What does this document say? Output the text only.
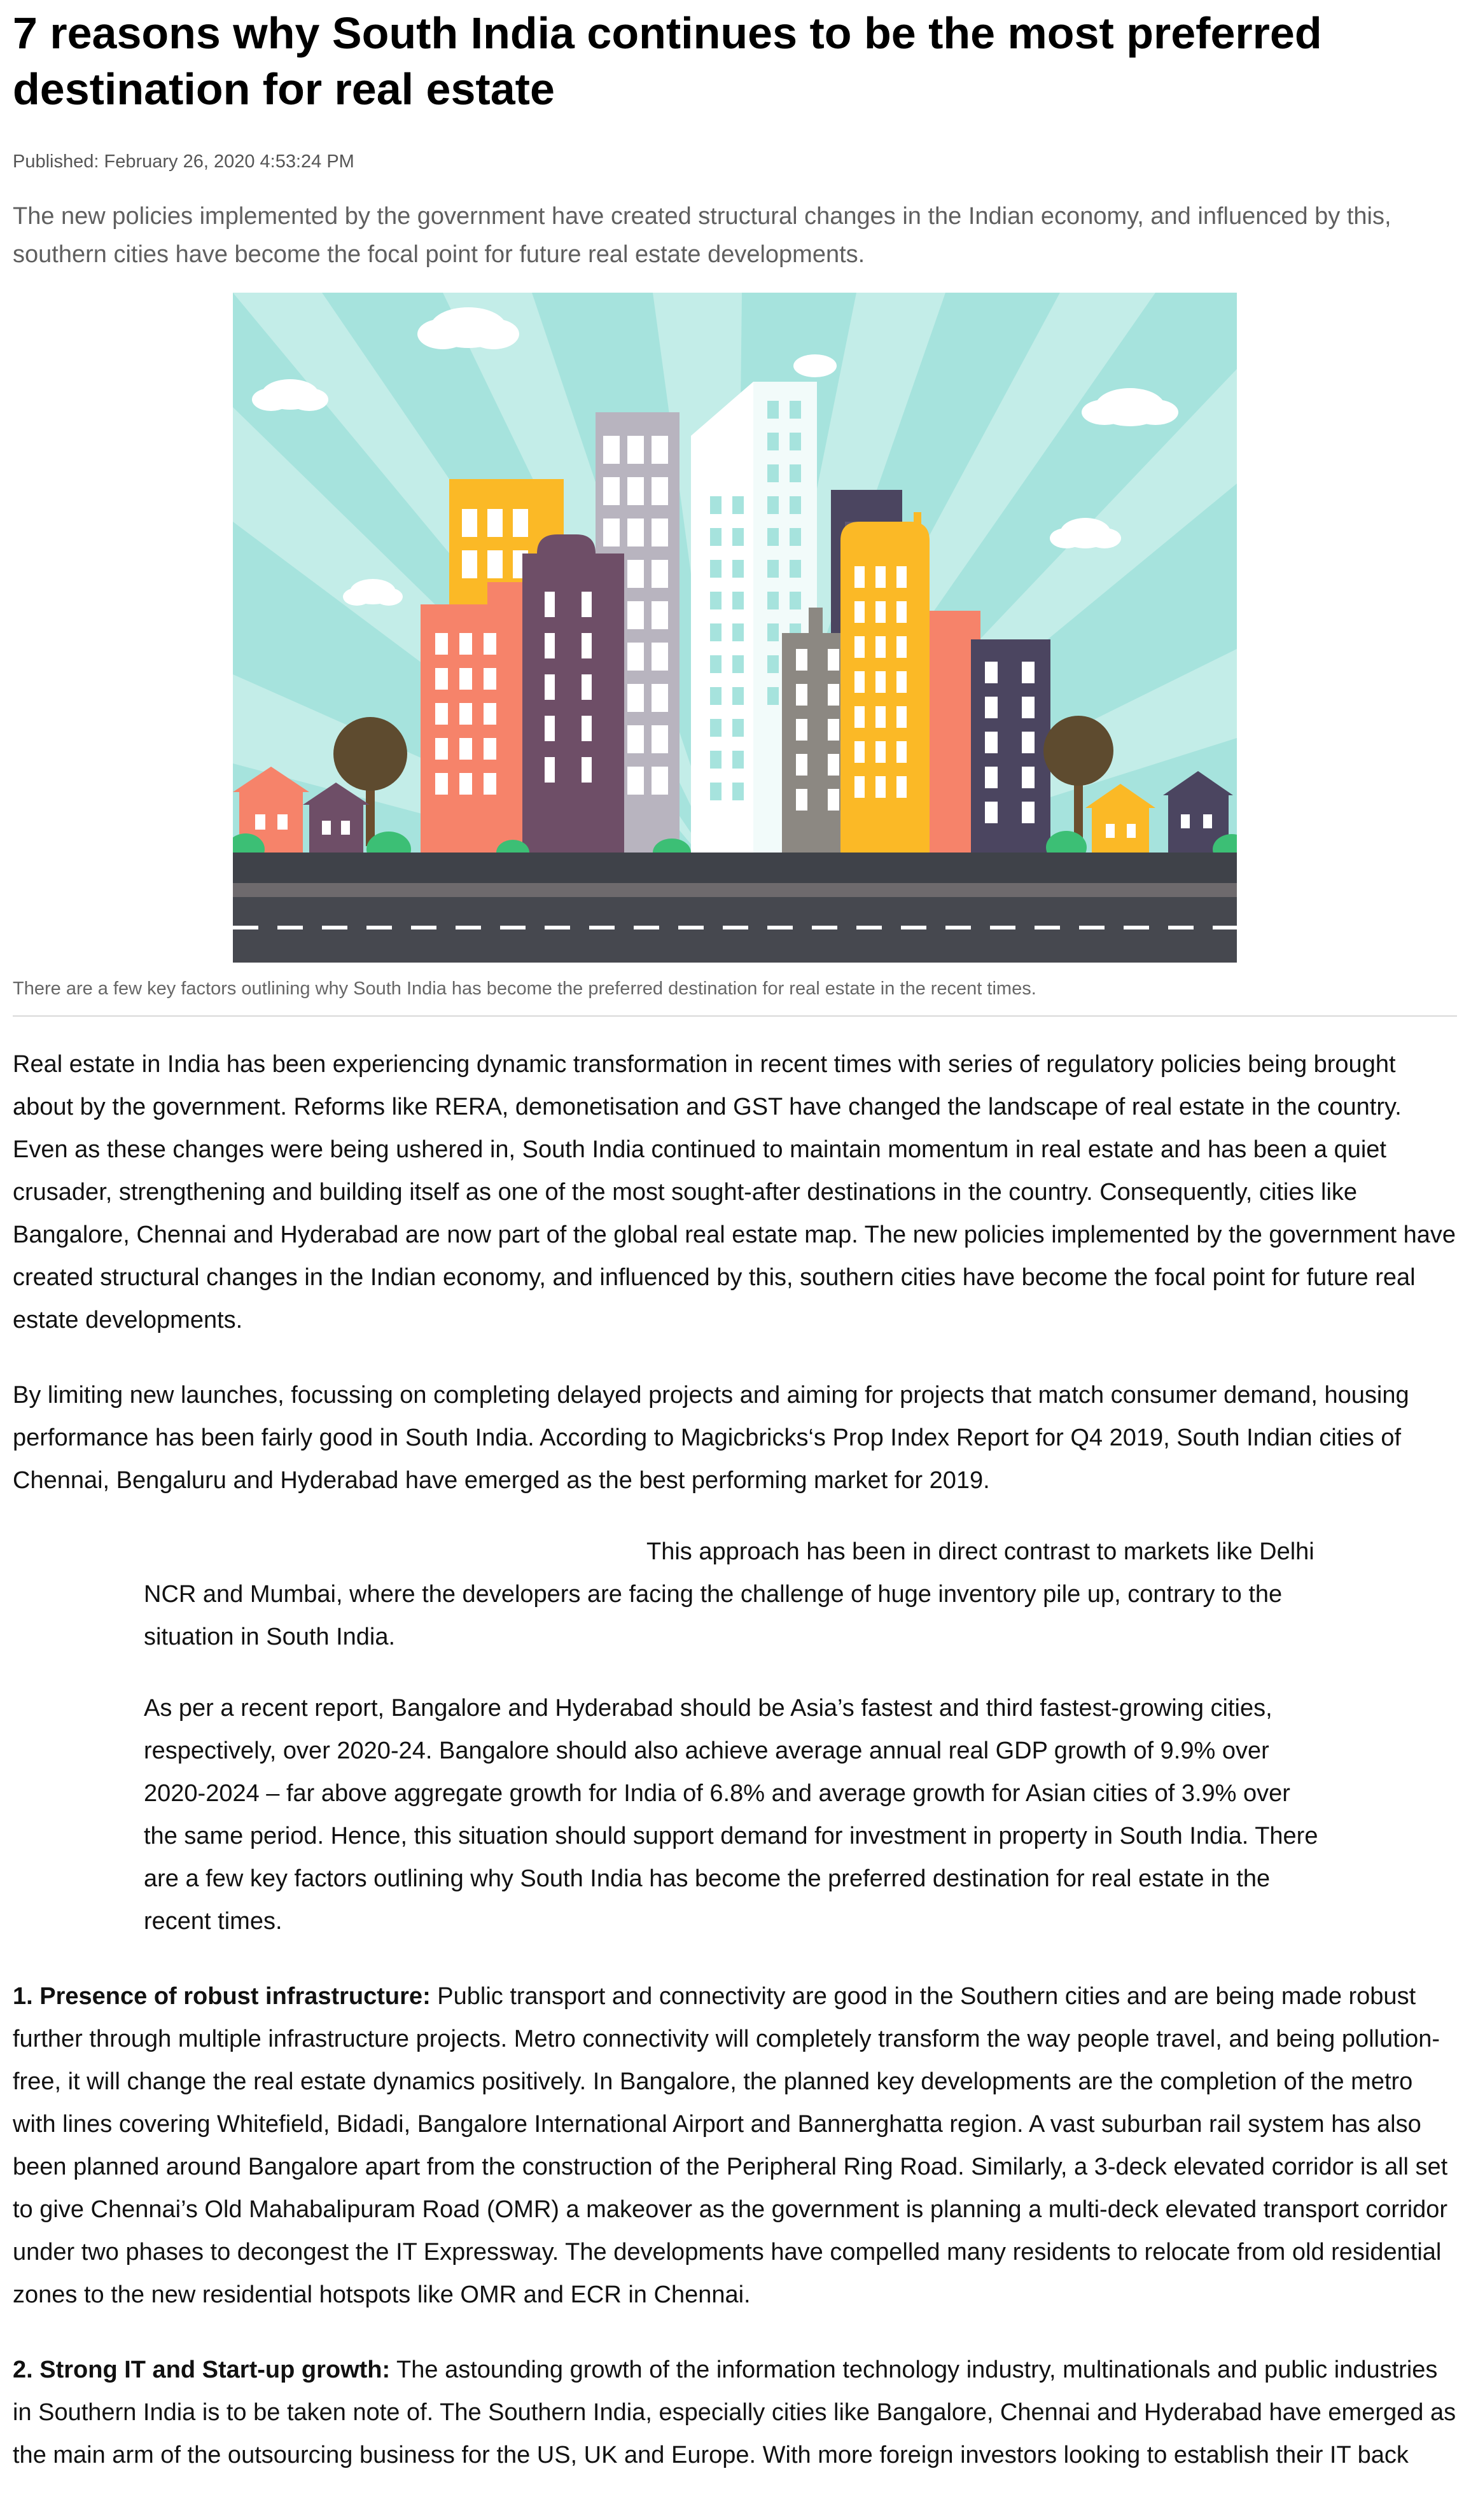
7 reasons why South India continues to be the most preferred destination for real estate

Published: February 26, 2020 4:53:24 PM

The new policies implemented by the government have created structural changes in the Indian economy, and influenced by this, southern cities have become the focal point for future real estate developments.

There are a few key factors outlining why South India has become the preferred destination for real estate in the recent times.

Real estate in India has been experiencing dynamic transformation in recent times with series of regulatory policies being brought about by the government. Reforms like RERA, demonetisation and GST have changed the landscape of real estate in the country. Even as these changes were being ushered in, South India continued to maintain momentum in real estate and has been a quiet crusader, strengthening and building itself as one of the most sought-after destinations in the country. Consequently, cities like Bangalore, Chennai and Hyderabad are now part of the global real estate map. The new policies implemented by the government have created structural changes in the Indian economy, and influenced by this, southern cities have become the focal point for future real estate developments.

By limiting new launches, focussing on completing delayed projects and aiming for projects that match consumer demand, housing performance has been fairly good in South India. According to Magicbricks‘s Prop Index Report for Q4 2019, South Indian cities of Chennai, Bengaluru and Hyderabad have emerged as the best performing market for 2019.

This approach has been in direct contrast to markets like Delhi NCR and Mumbai, where the developers are facing the challenge of huge inventory pile up, contrary to the situation in South India.

As per a recent report, Bangalore and Hyderabad should be Asia’s fastest and third fastest-growing cities, respectively, over 2020-24. Bangalore should also achieve average annual real GDP growth of 9.9% over 2020-2024 – far above aggregate growth for India of 6.8% and average growth for Asian cities of 3.9% over the same period. Hence, this situation should support demand for investment in property in South India. There are a few key factors outlining why South India has become the preferred destination for real estate in the recent times.

1. Presence of robust infrastructure: Public transport and connectivity are good in the Southern cities and are being made robust further through multiple infrastructure projects. Metro connectivity will completely transform the way people travel, and being pollution-free, it will change the real estate dynamics positively. In Bangalore, the planned key developments are the completion of the metro with lines covering Whitefield, Bidadi, Bangalore International Airport and Bannerghatta region. A vast suburban rail system has also been planned around Bangalore apart from the construction of the Peripheral Ring Road. Similarly, a 3-deck elevated corridor is all set to give Chennai’s Old Mahabalipuram Road (OMR) a makeover as the government is planning a multi-deck elevated transport corridor under two phases to decongest the IT Expressway. The developments have compelled many residents to relocate from old residential zones to the new residential hotspots like OMR and ECR in Chennai.

2. Strong IT and Start-up growth: The astounding growth of the information technology industry, multinationals and public industries in Southern India is to be taken note of. The Southern India, especially cities like Bangalore, Chennai and Hyderabad have emerged as the main arm of the outsourcing business for the US, UK and Europe. With more foreign investors looking to establish their IT back
